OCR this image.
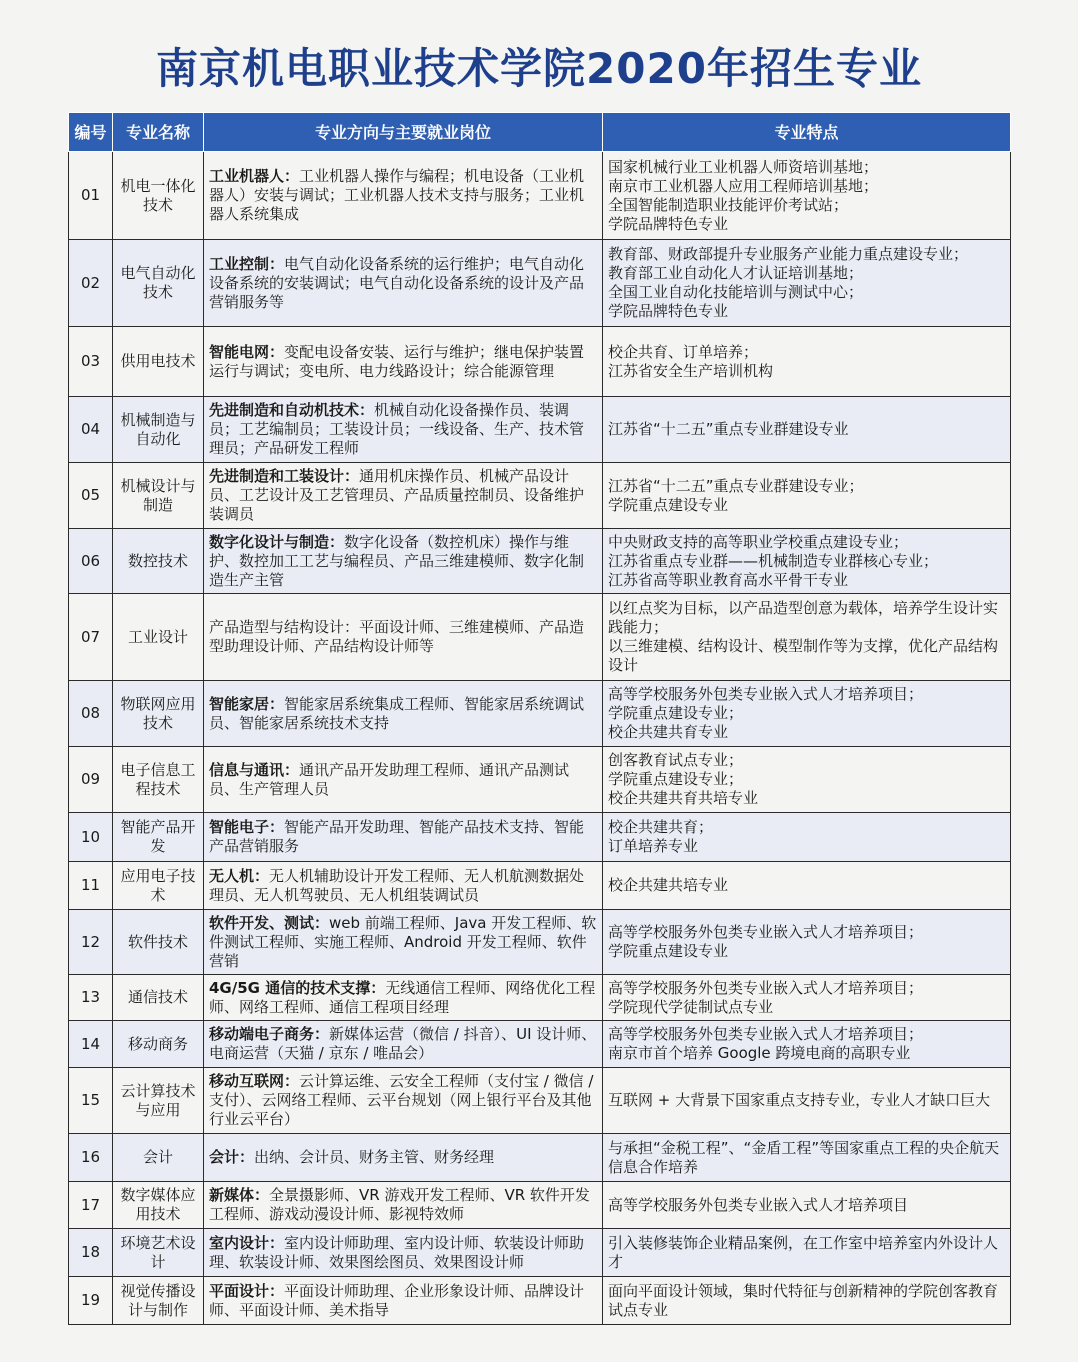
南京机电职业技术学院2020年招生专业
编号	专业名称	专业方向与主要就业岗位	专业特点
01	机电一体化技术	工业机器人：工业机器人操作与编程；机电设备（工业机器人）安装与调试；工业机器人技术支持与服务；工业机器人系统集成	国家机械行业工业机器人师资培训基地；
南京市工业机器人应用工程师培训基地；
全国智能制造职业技能评价考试站；
学院品牌特色专业
02	电气自动化技术	工业控制：电气自动化设备系统的运行维护；电气自动化设备系统的安装调试；电气自动化设备系统的设计及产品营销服务等	教育部、财政部提升专业服务产业能力重点建设专业；
教育部工业自动化人才认证培训基地；
全国工业自动化技能培训与测试中心；
学院品牌特色专业
03	供用电技术	智能电网：变配电设备安装、运行与维护；继电保护装置运行与调试；变电所、电力线路设计；综合能源管理	校企共育、订单培养；
江苏省安全生产培训机构
04	机械制造与自动化	先进制造和自动机技术：机械自动化设备操作员、装调员；工艺编制员；工装设计员；一线设备、生产、技术管理员；产品研发工程师	江苏省“十二五”重点专业群建设专业
05	机械设计与制造	先进制造和工装设计：通用机床操作员、机械产品设计员、工艺设计及工艺管理员、产品质量控制员、设备维护装调员	江苏省“十二五”重点专业群建设专业；
学院重点建设专业
06	数控技术	数字化设计与制造：数字化设备（数控机床）操作与维护、数控加工工艺与编程员、产品三维建模师、数字化制造生产主管	中央财政支持的高等职业学校重点建设专业；
江苏省重点专业群——机械制造专业群核心专业；
江苏省高等职业教育高水平骨干专业
07	工业设计	产品造型与结构设计：平面设计师、三维建模师、产品造型助理设计师、产品结构设计师等	以红点奖为目标，以产品造型创意为载体，培养学生设计实践能力；
以三维建模、结构设计、模型制作等为支撑，优化产品结构设计
08	物联网应用技术	智能家居：智能家居系统集成工程师、智能家居系统调试员、智能家居系统技术支持	高等学校服务外包类专业嵌入式人才培养项目；
学院重点建设专业；
校企共建共育专业
09	电子信息工程技术	信息与通讯：通讯产品开发助理工程师、通讯产品测试员、生产管理人员	创客教育试点专业；
学院重点建设专业；
校企共建共育共培专业
10	智能产品开发	智能电子：智能产品开发助理、智能产品技术支持、智能产品营销服务	校企共建共育；
订单培养专业
11	应用电子技术	无人机：无人机辅助设计开发工程师、无人机航测数据处理员、无人机驾驶员、无人机组装调试员	校企共建共培专业
12	软件技术	软件开发、测试：web 前端工程师、Java 开发工程师、软件测试工程师、实施工程师、Android 开发工程师、软件营销	高等学校服务外包类专业嵌入式人才培养项目；
学院重点建设专业
13	通信技术	4G/5G 通信的技术支撑：无线通信工程师、网络优化工程师、网络工程师、通信工程项目经理	高等学校服务外包类专业嵌入式人才培养项目；
学院现代学徒制试点专业
14	移动商务	移动端电子商务：新媒体运营（微信 / 抖音）、UI 设计师、电商运营（天猫 / 京东 / 唯品会）	高等学校服务外包类专业嵌入式人才培养项目；
南京市首个培养 Google 跨境电商的高职专业
15	云计算技术与应用	移动互联网：云计算运维、云安全工程师（支付宝 / 微信 / 支付）、云网络工程师、云平台规划（网上银行平台及其他行业云平台）	互联网 + 大背景下国家重点支持专业，专业人才缺口巨大
16	会计	会计：出纳、会计员、财务主管、财务经理	与承担“金税工程”、“金盾工程”等国家重点工程的央企航天信息合作培养
17	数字媒体应用技术	新媒体：全景摄影师、VR 游戏开发工程师、VR 软件开发工程师、游戏动漫设计师、影视特效师	高等学校服务外包类专业嵌入式人才培养项目
18	环境艺术设计	室内设计：室内设计师助理、室内设计师、软装设计师助理、软装设计师、效果图绘图员、效果图设计师	引入装修装饰企业精品案例，在工作室中培养室内外设计人才
19	视觉传播设计与制作	平面设计：平面设计师助理、企业形象设计师、品牌设计师、平面设计师、美术指导	面向平面设计领域，集时代特征与创新精神的学院创客教育试点专业
